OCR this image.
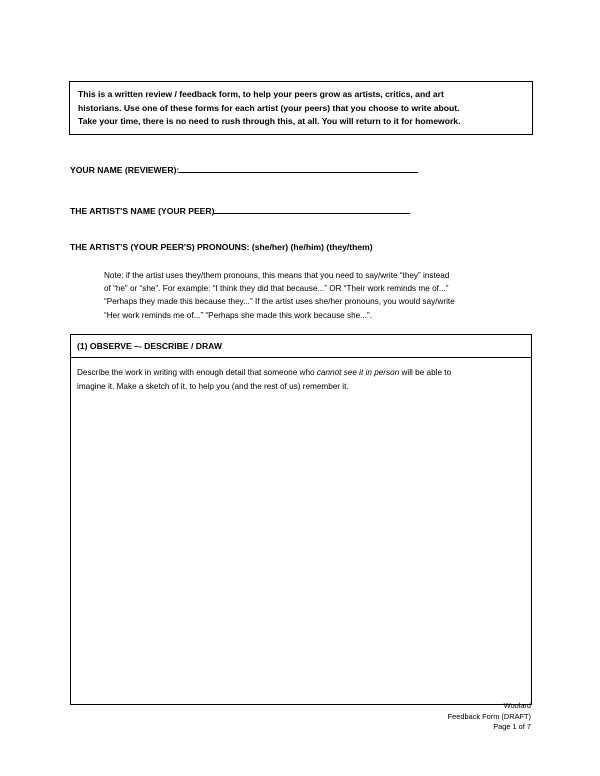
This is a written review / feedback form, to help your peers grow as artists, critics, and art
historians. Use one of these forms for each artist (your peers) that you choose to write about.
Take your time, there is no need to rush through this, at all. You will return to it for homework.
YOUR NAME (REVIEWER):
THE ARTIST'S NAME (YOUR PEER)
THE ARTIST'S (YOUR PEER'S) PRONOUNS: (she/her) (he/him) (they/them)
Note: if the artist uses they/them pronouns, this means that you need to say/write “they” instead
of “he” or “she”. For example: “I think they did that because...” OR “Their work reminds me of...”
“Perhaps they made this because they...” If the artist uses she/her pronouns, you would say/write
“Her work reminds me of...” “Perhaps she made this work because she...”.
(1) OBSERVE –- DESCRIBE / DRAW
Describe the work in writing with enough detail that someone who cannot see it in person will be able to
imagine it. Make a sketch of it, to help you (and the rest of us) remember it.
Woolard
Feedback Form (DRAFT)
Page 1 of 7
